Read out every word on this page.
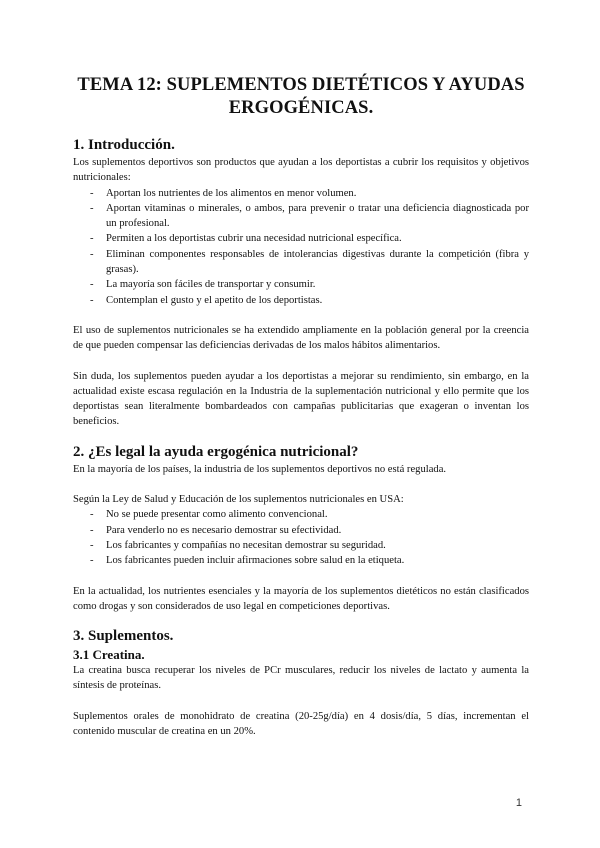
TEMA 12: SUPLEMENTOS DIETÉTICOS Y AYUDAS ERGOGÉNICAS.
1. Introducción.

Los suplementos deportivos son productos que ayudan a los deportistas a cubrir los requisitos y objetivos nutricionales:

- Aportan los nutrientes de los alimentos en menor volumen.
- Aportan vitaminas o minerales, o ambos, para prevenir o tratar una deficiencia diagnosticada por un profesional.
- Permiten a los deportistas cubrir una necesidad nutricional específica.
- Eliminan componentes responsables de intolerancias digestivas durante la competición (fibra y grasas).
- La mayoría son fáciles de transportar y consumir.
- Contemplan el gusto y el apetito de los deportistas.

El uso de suplementos nutricionales se ha extendido ampliamente en la población general por la creencia de que pueden compensar las deficiencias derivadas de los malos hábitos alimentarios.

Sin duda, los suplementos pueden ayudar a los deportistas a mejorar su rendimiento, sin embargo, en la actualidad existe escasa regulación en la Industria de la suplementación nutricional y ello permite que los deportistas sean literalmente bombardeados con campañas publicitarias que exageran o inventan los beneficios.

2. ¿Es legal la ayuda ergogénica nutricional?

En la mayoría de los países, la industria de los suplementos deportivos no está regulada.

Según la Ley de Salud y Educación de los suplementos nutricionales en USA:

- No se puede presentar como alimento convencional.
- Para venderlo no es necesario demostrar su efectividad.
- Los fabricantes y compañías no necesitan demostrar su seguridad.
- Los fabricantes pueden incluir afirmaciones sobre salud en la etiqueta.

En la actualidad, los nutrientes esenciales y la mayoría de los suplementos dietéticos no están clasificados como drogas y son considerados de uso legal en competiciones deportivas.

3. Suplementos.
3.1 Creatina.

La creatina busca recuperar los niveles de PCr musculares, reducir los niveles de lactato y aumenta la síntesis de proteínas.

Suplementos orales de monohidrato de creatina (20-25g/día) en 4 dosis/día, 5 días, incrementan el contenido muscular de creatina en un 20%.

1
